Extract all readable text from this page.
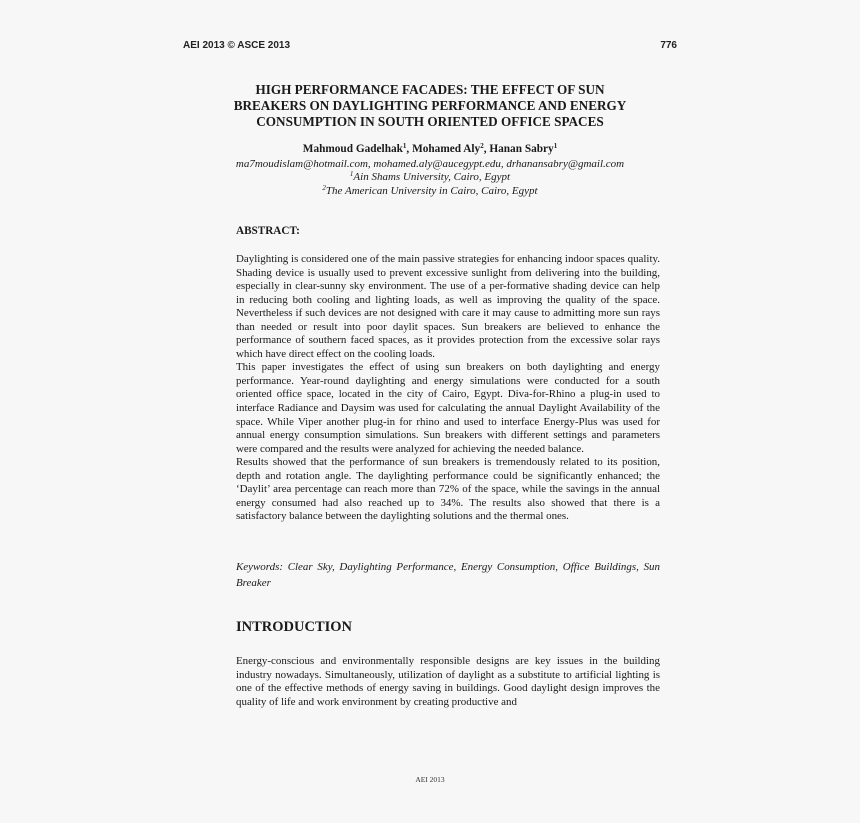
AEI 2013 © ASCE 2013	776
HIGH PERFORMANCE FACADES: THE EFFECT OF SUN
BREAKERS ON DAYLIGHTING PERFORMANCE AND ENERGY
CONSUMPTION IN SOUTH ORIENTED OFFICE SPACES
Mahmoud Gadelhak$^1$, Mohamed Aly$^2$, Hanan Sabry$^1$
ma7moudislam@hotmail.com, mohamed.aly@aucegypt.edu, drhanansabry@gmail.com
$^1$Ain Shams University, Cairo, Egypt
$^2$The American University in Cairo, Cairo, Egypt
ABSTRACT:

Daylighting is considered one of the main passive strategies for enhancing indoor spaces quality. Shading device is usually used to prevent excessive sunlight from delivering into the building, especially in clear-sunny sky environment. The use of a per-formative shading device can help in reducing both cooling and lighting loads, as well as improving the quality of the space. Nevertheless if such devices are not designed with care it may cause to admitting more sun rays than needed or result into poor daylit spaces. Sun breakers are believed to enhance the performance of southern faced spaces, as it provides protection from the excessive solar rays which have direct effect on the cooling loads.

This paper investigates the effect of using sun breakers on both daylighting and energy performance. Year-round daylighting and energy simulations were conducted for a south oriented office space, located in the city of Cairo, Egypt. Diva-for-Rhino a plug-in used to interface Radiance and Daysim was used for calculating the annual Daylight Availability of the space. While Viper another plug-in for rhino and used to interface Energy-Plus was used for annual energy consumption simulations. Sun breakers with different settings and parameters were compared and the results were analyzed for achieving the needed balance.

Results showed that the performance of sun breakers is tremendously related to its position, depth and rotation angle. The daylighting performance could be significantly enhanced; the ‘Daylit’ area percentage can reach more than 72% of the space, while the savings in the annual energy consumed had also reached up to 34%. The results also showed that there is a satisfactory balance between the daylighting solutions and the thermal ones.

Keywords: Clear Sky, Daylighting Performance, Energy Consumption, Office Buildings, Sun Breaker
INTRODUCTION

Energy-conscious and environmentally responsible designs are key issues in the building industry nowadays. Simultaneously, utilization of daylight as a substitute to artificial lighting is one of the effective methods of energy saving in buildings. Good daylight design improves the quality of life and work environment by creating productive and

AEI 2013
